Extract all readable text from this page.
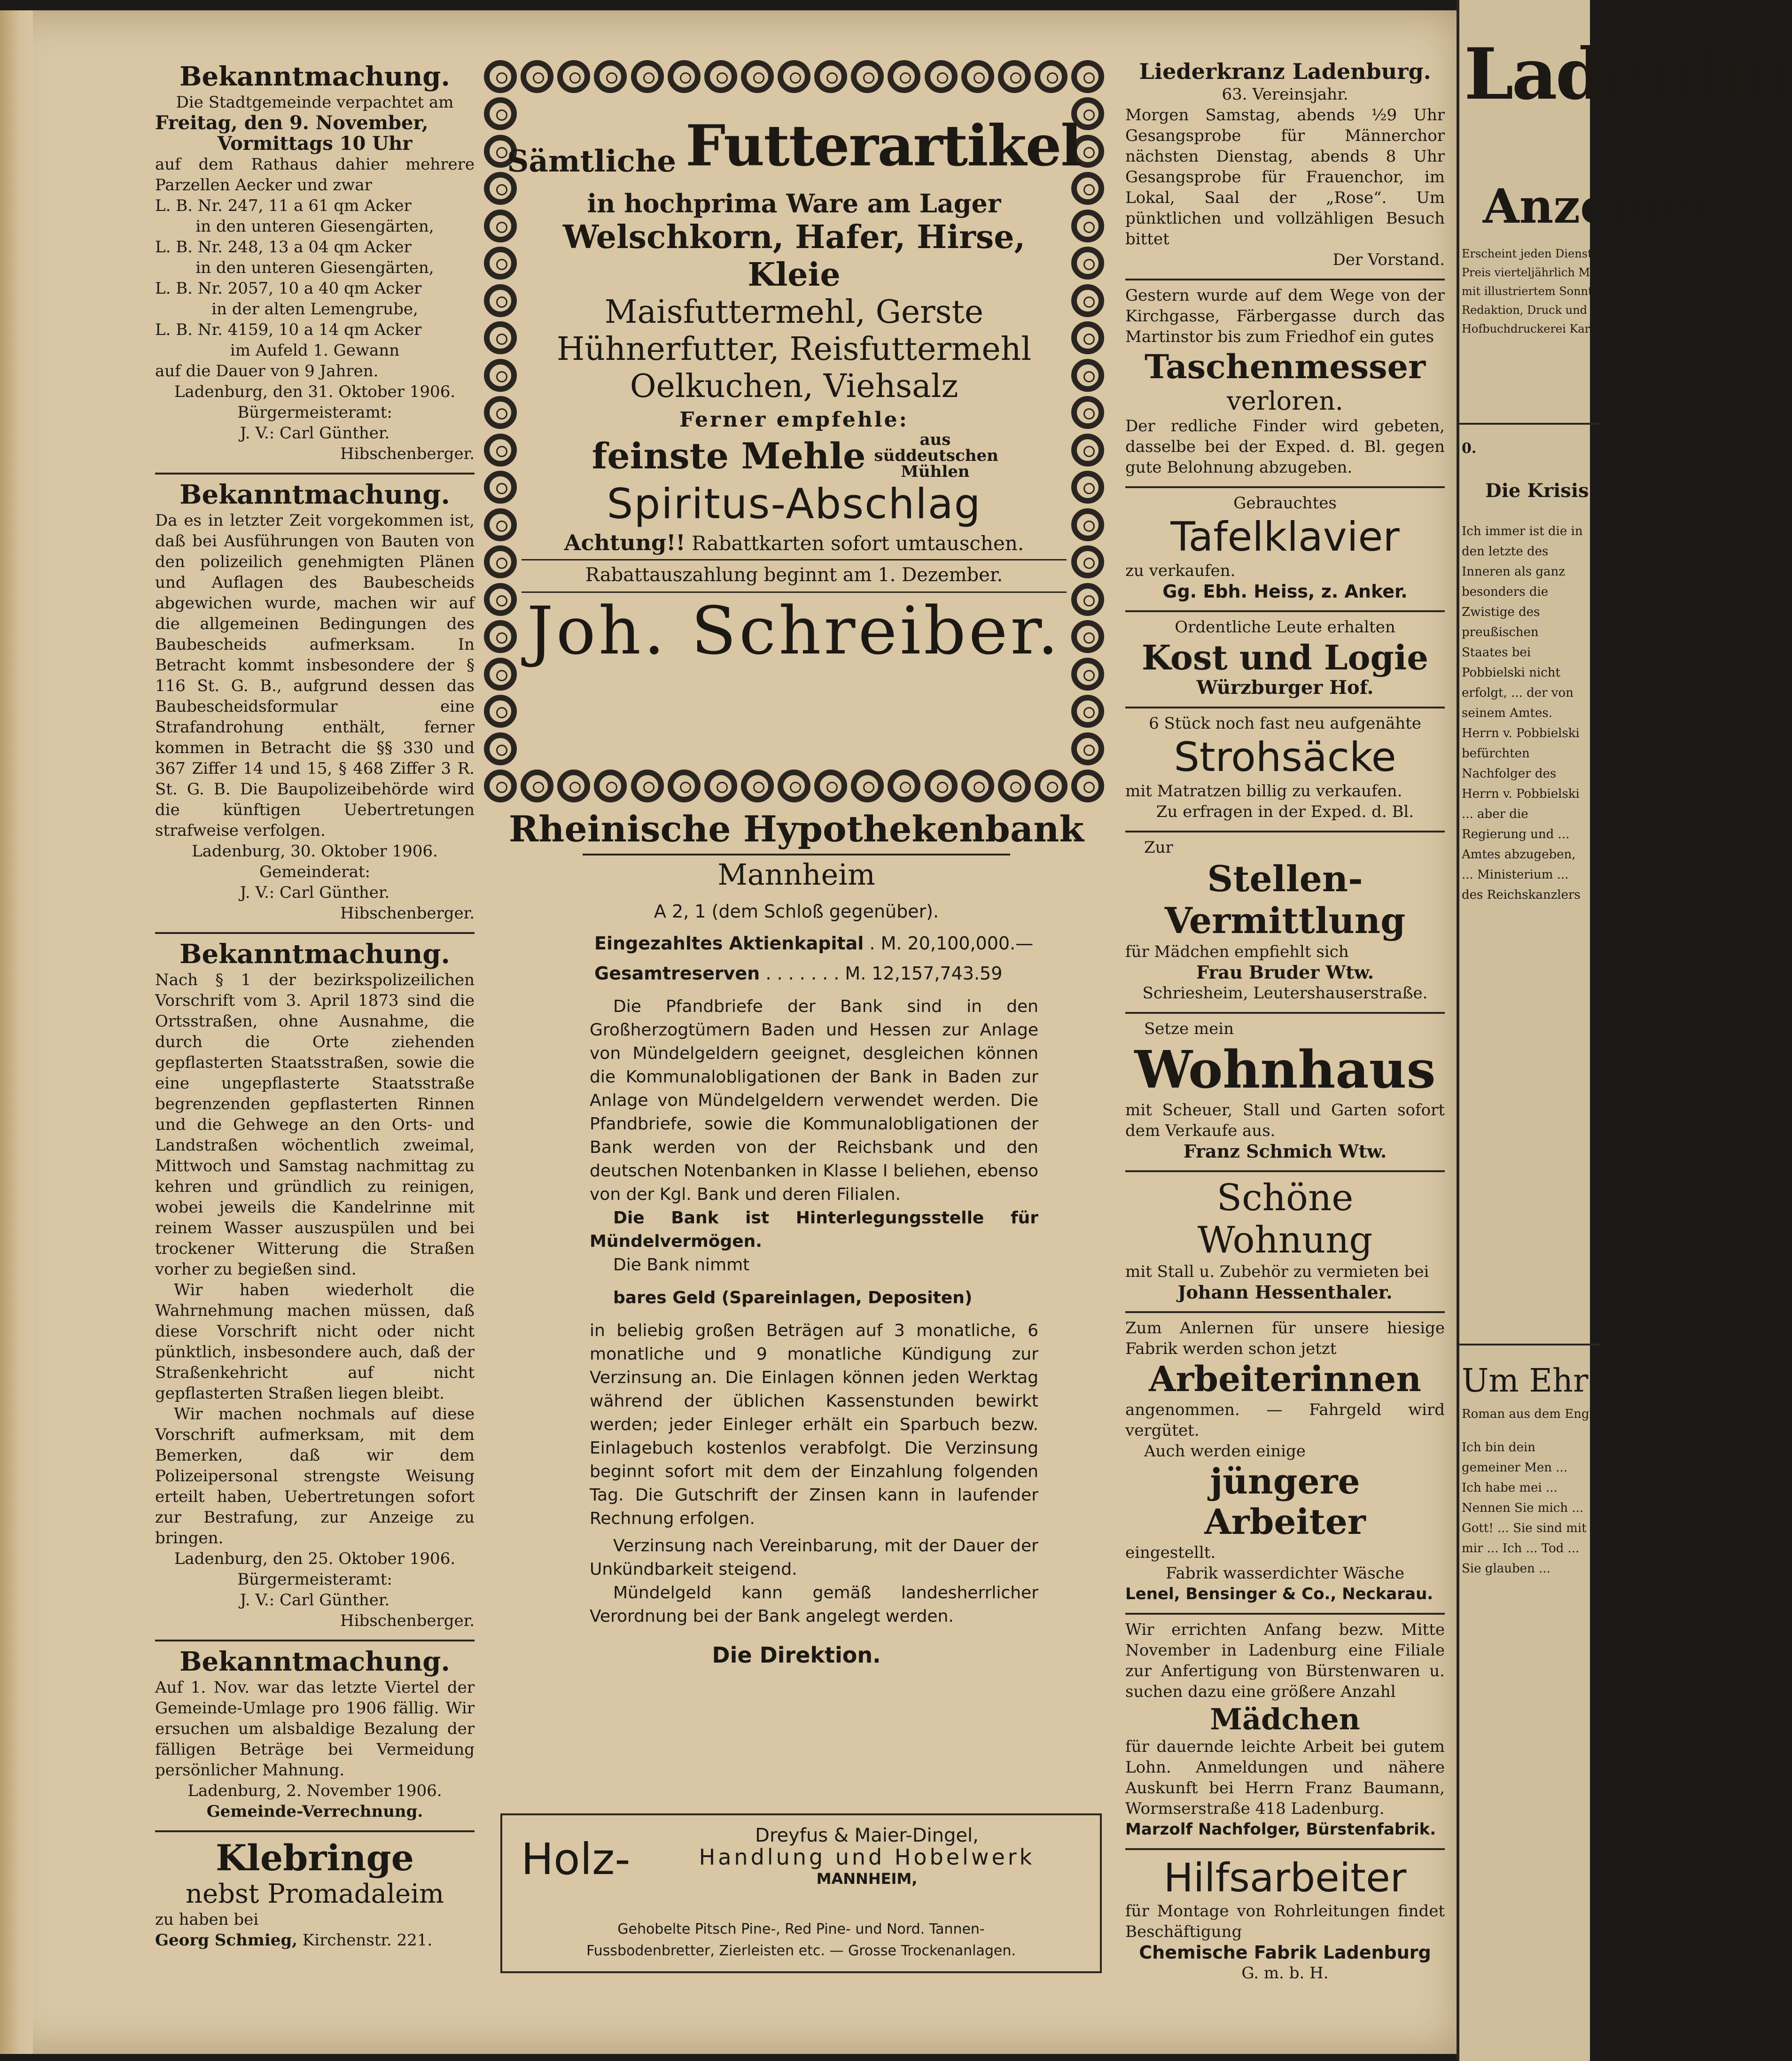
Bekanntmachung.
Die Stadtgemeinde verpachtet am
Freitag, den 9. November,
Vormittags 10 Uhr
auf dem Rathaus dahier mehrere Parzellen Aecker und zwar
L. B. Nr. 247, 11 a 61 qm Acker
in den unteren Giesengärten,
L. B. Nr. 248, 13 a 04 qm Acker
in den unteren Giesengärten,
L. B. Nr. 2057, 10 a 40 qm Acker
in der alten Lemengrube,
L. B. Nr. 4159, 10 a 14 qm Acker
im Aufeld 1. Gewann
auf die Dauer von 9 Jahren.
Ladenburg, den 31. Oktober 1906.
Bürgermeisteramt:
J. V.: Carl Günther.
Hibschenberger.
Bekanntmachung.
Da es in letzter Zeit vorgekommen ist, daß bei Ausführungen von Bauten von den polizeilich genehmigten Plänen und Auflagen des Baubescheids abgewichen wurde, machen wir auf die allgemeinen Bedingungen des Baubescheids aufmerksam. In Betracht kommt insbesondere der § 116 St. G. B., aufgrund dessen das Baubescheidsformular eine Strafandrohung enthält, ferner kommen in Betracht die §§ 330 und 367 Ziffer 14 und 15, § 468 Ziffer 3 R. St. G. B. Die Baupolizeibehörde wird die künftigen Uebertretungen strafweise verfolgen.
Ladenburg, 30. Oktober 1906.
Gemeinderat:
J. V.: Carl Günther.
Hibschenberger.
Bekanntmachung.
Nach § 1 der bezirkspolizeilichen Vorschrift vom 3. April 1873 sind die Ortsstraßen, ohne Ausnahme, die durch die Orte ziehenden gepflasterten Staatsstraßen, sowie die eine ungepflasterte Staatsstraße begrenzenden gepflasterten Rinnen und die Gehwege an den Orts- und Landstraßen wöchentlich zweimal, Mittwoch und Samstag nachmittag zu kehren und gründlich zu reinigen, wobei jeweils die Kandelrinne mit reinem Wasser auszuspülen und bei trockener Witterung die Straßen vorher zu begießen sind.
Wir haben wiederholt die Wahrnehmung machen müssen, daß diese Vorschrift nicht oder nicht pünktlich, insbesondere auch, daß der Straßenkehricht auf nicht gepflasterten Straßen liegen bleibt.
Wir machen nochmals auf diese Vorschrift aufmerksam, mit dem Bemerken, daß wir dem Polizeipersonal strengste Weisung erteilt haben, Uebertretungen sofort zur Bestrafung, zur Anzeige zu bringen.
Ladenburg, den 25. Oktober 1906.
Bürgermeisteramt:
J. V.: Carl Günther.
Hibschenberger.
Bekanntmachung.
Auf 1. Nov. war das letzte Viertel der Gemeinde-Umlage pro 1906 fällig. Wir ersuchen um alsbaldige Bezalung der fälligen Beträge bei Vermeidung persönlicher Mahnung.
Ladenburg, 2. November 1906.
Gemeinde-Verrechnung.
Klebringe
nebst Promadaleim
zu haben bei
Georg Schmieg, Kirchenstr. 221.
Sämtliche Futterartikel
in hochprima Ware am Lager
Welschkorn, Hafer, Hirse, Kleie
Maisfuttermehl, Gerste
Hühnerfutter, Reisfuttermehl
Oelkuchen, Viehsalz
Ferner empfehle:
feinste Mehle	aus süddeutschen Mühlen
Spiritus-Abschlag
Achtung!! Rabattkarten sofort umtauschen.
Rabattauszahlung beginnt am 1. Dezember.
Joh. Schreiber.
Rheinische Hypothekenbank
Mannheim
A 2, 1 (dem Schloß gegenüber).
Eingezahltes Aktienkapital . M. 20,100,000.—
Gesamtreserven . . . . . . . M. 12,157,743.59
Die Pfandbriefe der Bank sind in den Großherzogtümern Baden und Hessen zur Anlage von Mündelgeldern geeignet, desgleichen können die Kommunalobligationen der Bank in Baden zur Anlage von Mündelgeldern verwendet werden. Die Pfandbriefe, sowie die Kommunalobligationen der Bank werden von der Reichsbank und den deutschen Notenbanken in Klasse I beliehen, ebenso von der Kgl. Bank und deren Filialen.
Die Bank ist Hinterlegungsstelle für Mündelvermögen.
Die Bank nimmt
bares Geld (Spareinlagen, Depositen)
in beliebig großen Beträgen auf 3 monatliche, 6 monatliche und 9 monatliche Kündigung zur Verzinsung an. Die Einlagen können jeden Werktag während der üblichen Kassenstunden bewirkt werden; jeder Einleger erhält ein Sparbuch bezw. Einlagebuch kostenlos verabfolgt. Die Verzinsung beginnt sofort mit dem der Einzahlung folgenden Tag. Die Gutschrift der Zinsen kann in laufender Rechnung erfolgen.
Verzinsung nach Vereinbarung, mit der Dauer der Unkündbarkeit steigend.
Mündelgeld kann gemäß landesherrlicher Verordnung bei der Bank angelegt werden.
Die Direktion.
Holz-	Dreyfus & Maier-Dingel,
Handlung und Hobelwerk
MANNHEIM,
Gehobelte Pitsch Pine-, Red Pine- und Nord. Tannen-
Fussbodenbretter, Zierleisten etc. — Grosse Trockenanlagen.
Liederkranz Ladenburg.
63. Vereinsjahr.
Morgen Samstag, abends ½9 Uhr Gesangsprobe für Männerchor nächsten Dienstag, abends 8 Uhr Gesangsprobe für Frauenchor, im Lokal, Saal der „Rose“. Um pünktlichen und vollzähligen Besuch bittet
Der Vorstand.
Gestern wurde auf dem Wege von der Kirchgasse, Färbergasse durch das Martinstor bis zum Friedhof ein gutes
Taschenmesser
verloren.
Der redliche Finder wird gebeten, dasselbe bei der Exped. d. Bl. gegen gute Belohnung abzugeben.
Gebrauchtes
Tafelklavier
zu verkaufen.
Gg. Ebh. Heiss, z. Anker.
Ordentliche Leute erhalten
Kost und Logie
Würzburger Hof.
6 Stück noch fast neu aufgenähte
Strohsäcke
mit Matratzen billig zu verkaufen.
Zu erfragen in der Exped. d. Bl.
Zur
Stellen-
Vermittlung
für Mädchen empfiehlt sich
Frau Bruder Wtw.
Schriesheim, Leutershauserstraße.
Setze mein
Wohnhaus
mit Scheuer, Stall und Garten sofort dem Verkaufe aus.
Franz Schmich Wtw.
Schöne Wohnung
mit Stall u. Zubehör zu vermieten bei
Johann Hessenthaler.
Zum Anlernen für unsere hiesige Fabrik werden schon jetzt
Arbeiterinnen
angenommen. — Fahrgeld wird vergütet.
Auch werden einige
jüngere Arbeiter
eingestellt.
Fabrik wasserdichter Wäsche
Lenel, Bensinger & Co., Neckarau.
Wir errichten Anfang bezw. Mitte November in Ladenburg eine Filiale zur Anfertigung von Bürstenwaren u. suchen dazu eine größere Anzahl
Mädchen
für dauernde leichte Arbeit bei gutem Lohn. Anmeldungen und nähere Auskunft bei Herrn Franz Baumann, Wormserstraße 418 Ladenburg.
Marzolf Nachfolger, Bürstenfabrik.
Hilfsarbeiter
für Montage von Rohrleitungen findet Beschäftigung
Chemische Fabrik Ladenburg
G. m. b. H.
Ladenbu
Anzeiger
Erscheint jeden Dienstag und
Preis vierteljährlich Mk
mit illustriertem Sonntagsbl
Redaktion, Druck und
Hofbuchdruckerei Karl Molit
0.
Die Krisis.
Ich immer ist die in den letzte des Inneren als ganz besonders die Zwistige des preußischen Staates bei Pobbielski nicht erfolgt, ... der von seinem Amtes. Herrn v. Pobbielski befürchten Nachfolger des Herrn v. Pobbielski ... aber die Regierung und ... Amtes abzugeben, ... Ministerium ... des Reichskanzlers
Um Ehre und
Roman aus dem Englischen von Ch
Ich bin dein gemeiner Men ... Ich habe mei ... Nennen Sie mich ... Gott! ... Sie sind mit mir ... Ich ... Tod ... Sie glauben ...
